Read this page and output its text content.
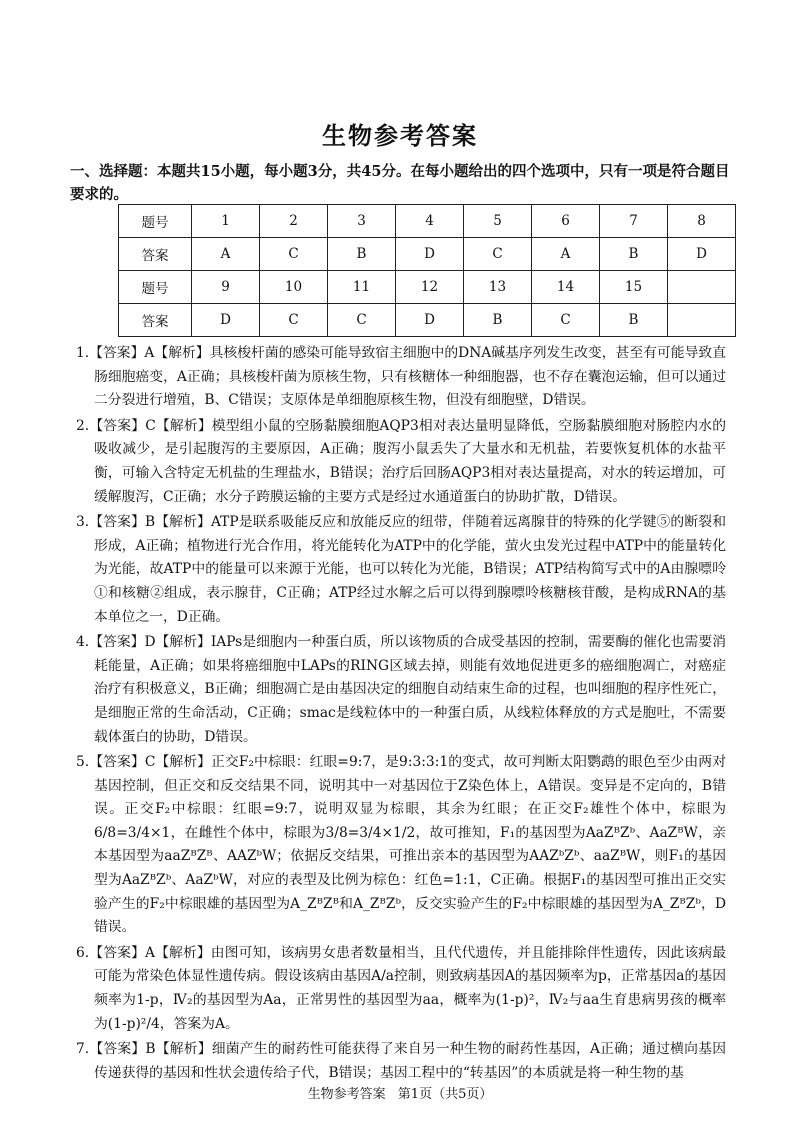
生物参考答案
一、选择题：本题共15小题，每小题3分，共45分。在每小题给出的四个选项中，只有一项是符合题目要求的。
题号	1	2	3	4	5	6	7	8
答案	A	C	B	D	C	A	B	D
题号	9	10	11	12	13	14	15	
答案	D	C	C	D	B	C	B	
1.【答案】A【解析】具核梭杆菌的感染可能导致宿主细胞中的DNA碱基序列发生改变，甚至有可能导致直肠细胞癌变，A正确；具核梭杆菌为原核生物，只有核糖体一种细胞器，也不存在囊泡运输，但可以通过二分裂进行增殖，B、C错误；支原体是单细胞原核生物，但没有细胞壁，D错误。
2.【答案】C【解析】模型组小鼠的空肠黏膜细胞AQP3相对表达量明显降低，空肠黏膜细胞对肠腔内水的吸收减少，是引起腹泻的主要原因，A正确；腹泻小鼠丢失了大量水和无机盐，若要恢复机体的水盐平衡，可输入含特定无机盐的生理盐水，B错误；治疗后回肠AQP3相对表达量提高，对水的转运增加，可缓解腹泻，C正确；水分子跨膜运输的主要方式是经过水通道蛋白的协助扩散，D错误。
3.【答案】B【解析】ATP是联系吸能反应和放能反应的纽带，伴随着远离腺苷的特殊的化学键⑤的断裂和形成，A正确；植物进行光合作用，将光能转化为ATP中的化学能，萤火虫发光过程中ATP中的能量转化为光能，故ATP中的能量可以来源于光能，也可以转化为光能，B错误；ATP结构简写式中的A由腺嘌呤①和核糖②组成，表示腺苷，C正确；ATP经过水解之后可以得到腺嘌呤核糖核苷酸，是构成RNA的基本单位之一，D正确。
4.【答案】D【解析】IAPs是细胞内一种蛋白质，所以该物质的合成受基因的控制，需要酶的催化也需要消耗能量，A正确；如果将癌细胞中LAPs的RING区域去掉，则能有效地促进更多的癌细胞凋亡，对癌症治疗有积极意义，B正确；细胞凋亡是由基因决定的细胞自动结束生命的过程，也叫细胞的程序性死亡，是细胞正常的生命活动，C正确；smac是线粒体中的一种蛋白质，从线粒体释放的方式是胞吐，不需要载体蛋白的协助，D错误。
5.【答案】C【解析】正交F₂中棕眼：红眼=9:7，是9:3:3:1的变式，故可判断太阳鹦鹉的眼色至少由两对基因控制，但正交和反交结果不同，说明其中一对基因位于Z染色体上，A错误。变异是不定向的，B错误。正交F₂中棕眼：红眼=9:7，说明双显为棕眼，其余为红眼；在正交F₂雄性个体中，棕眼为6/8=3/4×1，在雌性个体中，棕眼为3/8=3/4×1/2，故可推知，F₁的基因型为AaZᴮZᵇ、AaZᴮW，亲本基因型为aaZᴮZᴮ、AAZᵇW；依据反交结果，可推出亲本的基因型为AAZᵇZᵇ、aaZᴮW，则F₁的基因型为AaZᴮZᵇ、AaZᵇW，对应的表型及比例为棕色：红色=1:1，C正确。根据F₁的基因型可推出正交实验产生的F₂中棕眼雄的基因型为A_ZᴮZᴮ和A_ZᴮZᵇ，反交实验产生的F₂中棕眼雄的基因型为A_ZᴮZᵇ，D错误。
6.【答案】A【解析】由图可知，该病男女患者数量相当，且代代遗传，并且能排除伴性遗传，因此该病最可能为常染色体显性遗传病。假设该病由基因A/a控制，则致病基因A的基因频率为p，正常基因a的基因频率为1-p，Ⅳ₂的基因型为Aa，正常男性的基因型为aa，概率为(1-p)²，Ⅳ₂与aa生育患病男孩的概率为(1-p)²/4，答案为A。
7.【答案】B【解析】细菌产生的耐药性可能获得了来自另一种生物的耐药性基因，A正确；通过横向基因传递获得的基因和性状会遗传给子代，B错误；基因工程中的“转基因”的本质就是将一种生物的基
生物参考答案 第1页（共5页）
